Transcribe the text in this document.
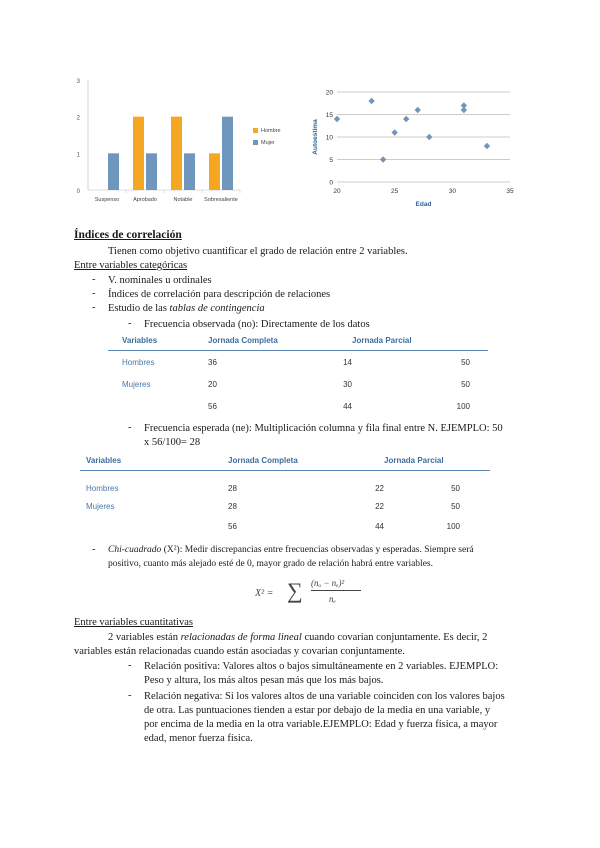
0
1
2
3
Suspenso	Aprobado	Notable Sobresaliente
Hombre
Mujer
0
5
10
15
20
20	25	30	35
Edad
Autoestima
Índices de correlación
Tienen como objetivo cuantificar el grado de relación entre 2 variables.
Entre variables categóricas
- V. nominales u ordinales
- Índices de correlación para descripción de relaciones
- Estudio de las tablas de contingencia
- Frecuencia observada (no): Directamente de los datos
Variables	Jornada Completa	Jornada Parcial
Hombres	36	14	50
Mujeres	20	30	50
56	44	100
- Frecuencia esperada (ne): Multiplicación columna y fila final entre N. EJEMPLO: 50
x 56/100= 28
Variables	Jornada Completa	Jornada Parcial
Hombres	28	22	50
Mujeres	28	22	50
56	44	100
- Chi-cuadrado (X²): Medir discrepancias entre frecuencias observadas y esperadas. Siempre será
positivo, cuanto más alejado esté de 0, mayor grado de relación habrá entre variables.
X² = ∑ (nₒ − nₑ)²
nₑ
Entre variables cuantitativas
2 variables están relacionadas de forma lineal cuando covarian conjuntamente. Es decir, 2
variables están relacionadas cuando están asociadas y covarian conjuntamente.
- Relación positiva: Valores altos o bajos simultáneamente en 2 variables. EJEMPLO:
Peso y altura, los más altos pesan más que los más bajos.
- Relación negativa: Si los valores altos de una variable coinciden con los valores bajos
de otra. Las puntuaciones tienden a estar por debajo de la media en una variable, y
por encima de la media en la otra variable.EJEMPLO: Edad y fuerza física, a mayor
edad, menor fuerza física.
